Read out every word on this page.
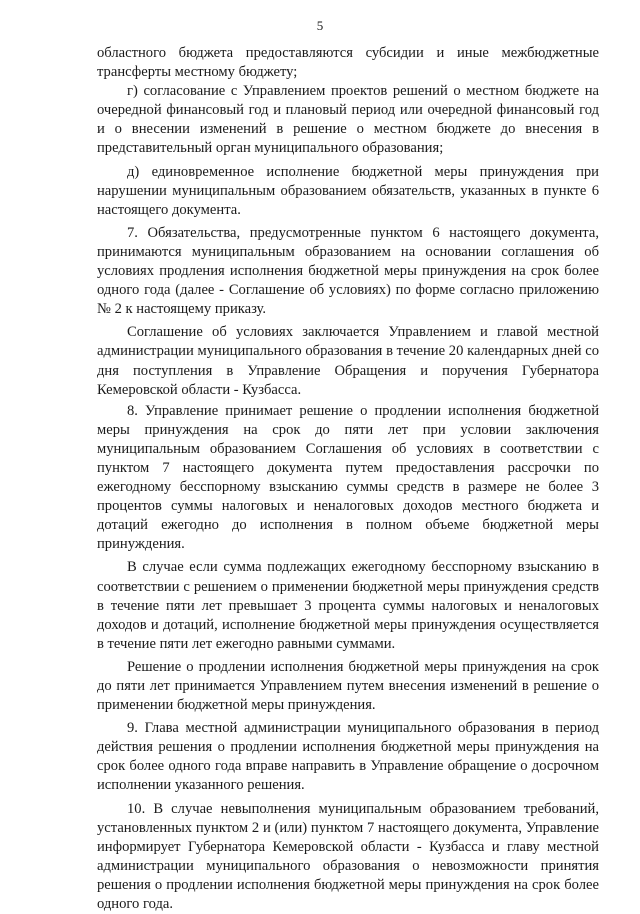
5

областного бюджета предоставляются субсидии и иные межбюджетные трансферты местному бюджету;

г) согласование с Управлением проектов решений о местном бюджете на очередной финансовый год и плановый период или очередной финансовый год и о внесении изменений в решение о местном бюджете до внесения в представительный орган муниципального образования;

д) единовременное исполнение бюджетной меры принуждения при нарушении муниципальным образованием обязательств, указанных в пункте 6 настоящего документа.

7. Обязательства, предусмотренные пунктом 6 настоящего документа, принимаются муниципальным образованием на основании соглашения об условиях продления исполнения бюджетной меры принуждения на срок более одного года (далее - Соглашение об условиях) по форме согласно приложению № 2 к настоящему приказу.

Соглашение об условиях заключается Управлением и главой местной администрации муниципального образования в течение 20 календарных дней со дня поступления в Управление Обращения и поручения Губернатора Кемеровской области - Кузбасса.

8. Управление принимает решение о продлении исполнения бюджетной меры принуждения на срок до пяти лет при условии заключения муниципальным образованием Соглашения об условиях в соответствии с пунктом 7 настоящего документа путем предоставления рассрочки по ежегодному бесспорному взысканию суммы средств в размере не более 3 процентов суммы налоговых и неналоговых доходов местного бюджета и дотаций ежегодно до исполнения в полном объеме бюджетной меры принуждения.

В случае если сумма подлежащих ежегодному бесспорному взысканию в соответствии с решением о применении бюджетной меры принуждения средств в течение пяти лет превышает 3 процента суммы налоговых и неналоговых доходов и дотаций, исполнение бюджетной меры принуждения осуществляется в течение пяти лет ежегодно равными суммами.

Решение о продлении исполнения бюджетной меры принуждения на срок до пяти лет принимается Управлением путем внесения изменений в решение о применении бюджетной меры принуждения.

9. Глава местной администрации муниципального образования в период действия решения о продлении исполнения бюджетной меры принуждения на срок более одного года вправе направить в Управление обращение о досрочном исполнении указанного решения.

10. В случае невыполнения муниципальным образованием требований, установленных пунктом 2 и (или) пунктом 7 настоящего документа, Управление информирует Губернатора Кемеровской области - Кузбасса и главу местной администрации муниципального образования о невозможности принятия решения о продлении исполнения бюджетной меры принуждения на срок более одного года.
